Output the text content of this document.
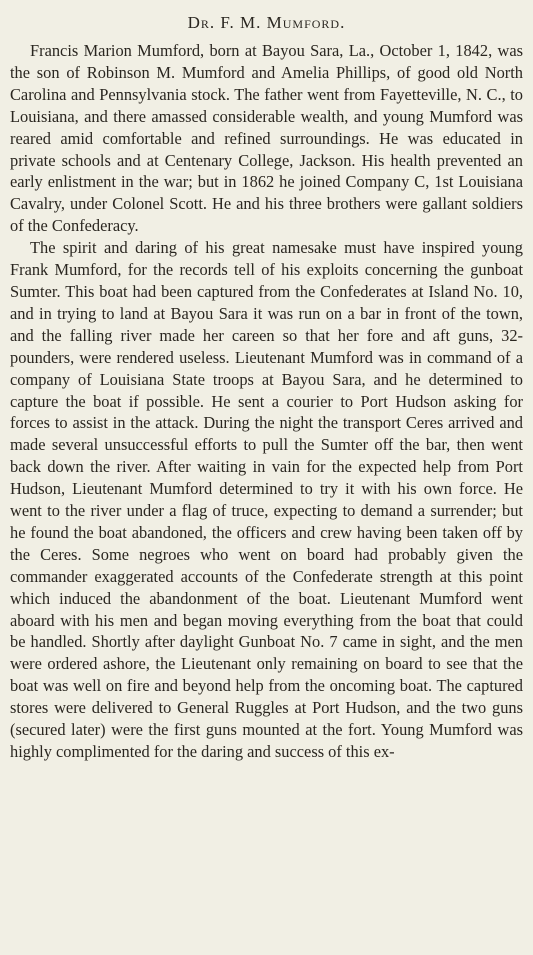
Dr. F. M. Mumford.

Francis Marion Mumford, born at Bayou Sara, La., October 1, 1842, was the son of Robinson M. Mumford and Amelia Phillips, of good old North Carolina and Pennsylvania stock. The father went from Fayetteville, N. C., to Louisiana, and there amassed considerable wealth, and young Mumford was reared amid comfortable and refined surroundings. He was educated in private schools and at Centenary College, Jackson. His health prevented an early enlistment in the war; but in 1862 he joined Company C, 1st Louisiana Cavalry, under Colonel Scott. He and his three brothers were gallant soldiers of the Confederacy.

The spirit and daring of his great namesake must have inspired young Frank Mumford, for the records tell of his exploits concerning the gunboat Sumter. This boat had been captured from the Confederates at Island No. 10, and in trying to land at Bayou Sara it was run on a bar in front of the town, and the falling river made her careen so that her fore and aft guns, 32-pounders, were rendered useless. Lieutenant Mumford was in command of a company of Louisiana State troops at Bayou Sara, and he determined to capture the boat if possible. He sent a courier to Port Hudson asking for forces to assist in the attack. During the night the transport Ceres arrived and made several unsuccessful efforts to pull the Sumter off the bar, then went back down the river. After waiting in vain for the expected help from Port Hudson, Lieutenant Mumford determined to try it with his own force. He went to the river under a flag of truce, expecting to demand a surrender; but he found the boat abandoned, the officers and crew having been taken off by the Ceres. Some negroes who went on board had probably given the commander exaggerated accounts of the Confederate strength at this point which induced the abandonment of the boat. Lieutenant Mumford went aboard with his men and began moving everything from the boat that could be handled. Shortly after daylight Gunboat No. 7 came in sight, and the men were ordered ashore, the Lieutenant only remaining on board to see that the boat was well on fire and beyond help from the oncoming boat. The captured stores were delivered to General Ruggles at Port Hudson, and the two guns (secured later) were the first guns mounted at the fort. Young Mumford was highly complimented for the daring and success of this ex-
